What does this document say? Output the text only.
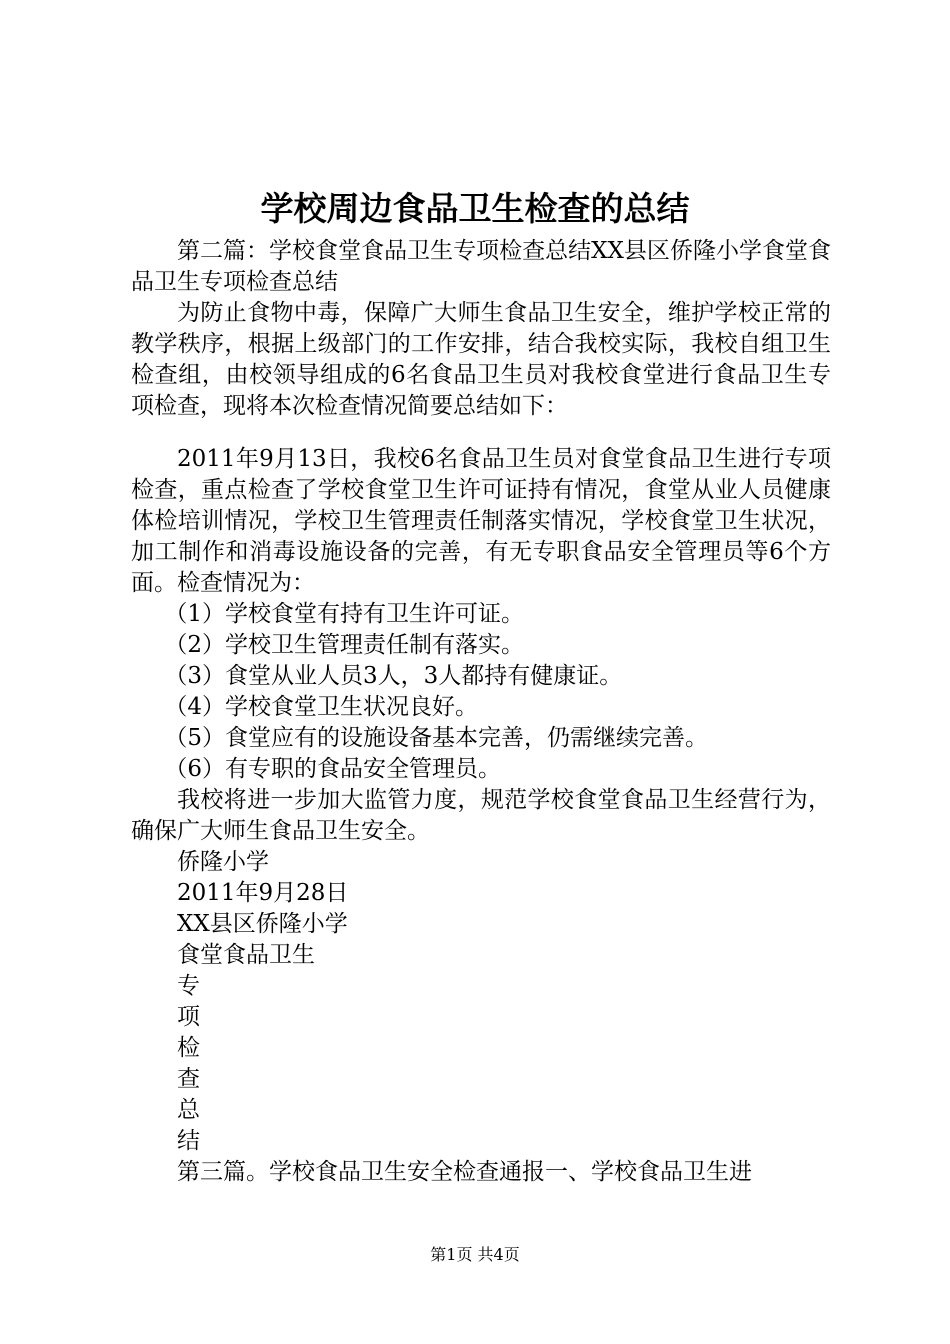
学校周边食品卫生检查的总结

第二篇：学校食堂食品卫生专项检查总结XX县区侨隆小学食堂食品卫生专项检查总结

为防止食物中毒，保障广大师生食品卫生安全，维护学校正常的教学秩序，根据上级部门的工作安排，结合我校实际，我校自组卫生检查组，由校领导组成的6名食品卫生员对我校食堂进行食品卫生专项检查，现将本次检查情况简要总结如下：

2011年9月13日，我校6名食品卫生员对食堂食品卫生进行专项检查，重点检查了学校食堂卫生许可证持有情况，食堂从业人员健康体检培训情况，学校卫生管理责任制落实情况，学校食堂卫生状况，加工制作和消毒设施设备的完善，有无专职食品安全管理员等6个方面。检查情况为：

（1）学校食堂有持有卫生许可证。

（2）学校卫生管理责任制有落实。

（3）食堂从业人员3人，3人都持有健康证。

（4）学校食堂卫生状况良好。

（5）食堂应有的设施设备基本完善，仍需继续完善。

（6）有专职的食品安全管理员。

我校将进一步加大监管力度，规范学校食堂食品卫生经营行为，确保广大师生食品卫生安全。

侨隆小学

2011年9月28日

XX县区侨隆小学

食堂食品卫生

专

项

检

查

总

结

第三篇。学校食品卫生安全检查通报一、学校食品卫生进

第1页 共4页
